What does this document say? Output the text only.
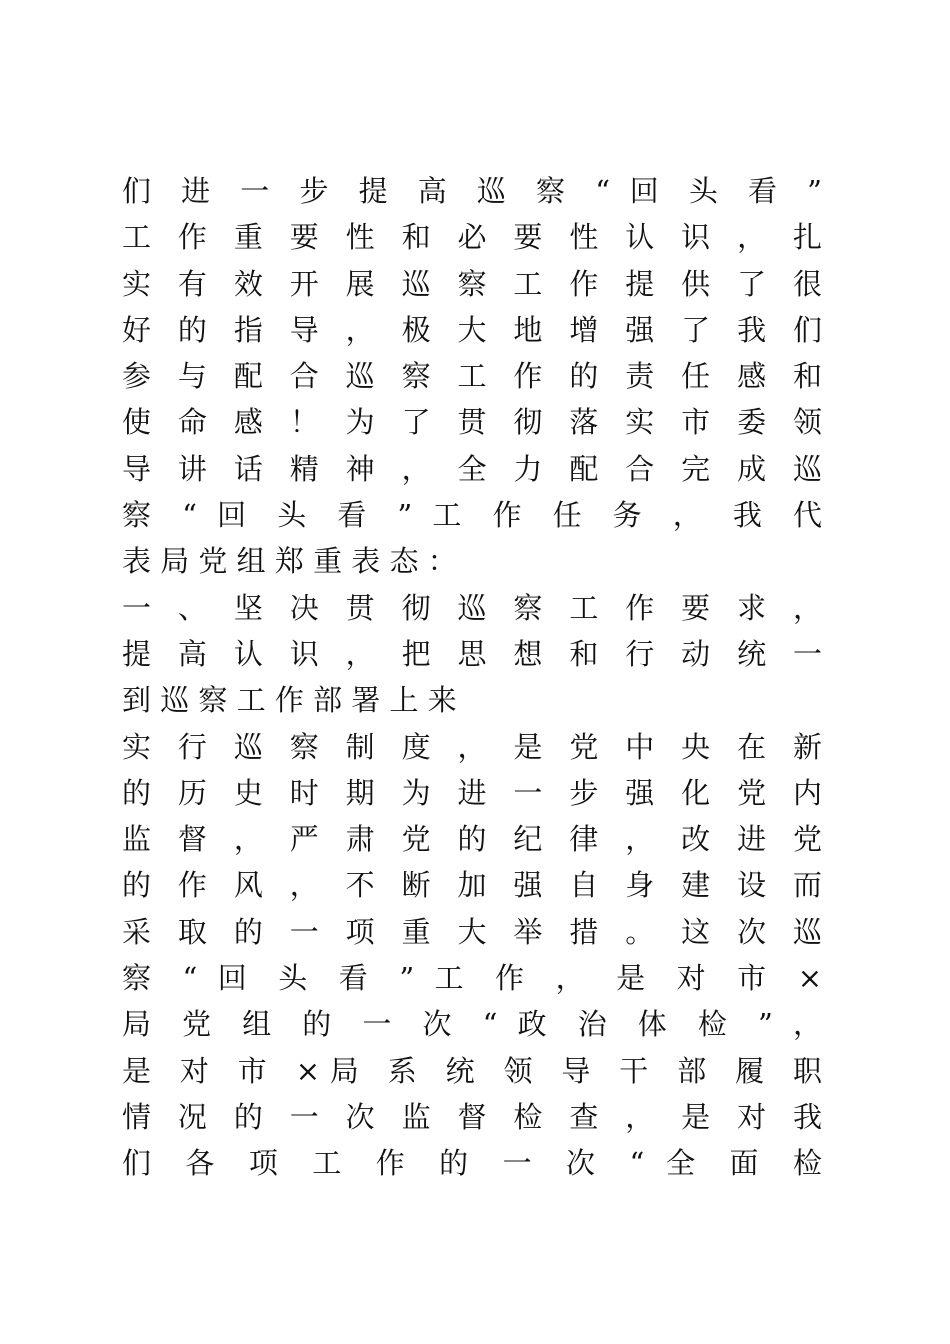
们 进 一 步 提 高 巡 察 “ 回 头 看 ”
工 作 重 要 性 和 必 要 性 认 识 ， 扎
实 有 效 开 展 巡 察 工 作 提 供 了 很
好 的 指 导 ， 极 大 地 增 强 了 我 们
参 与 配 合 巡 察 工 作 的 责 任 感 和
使 命 感 ！ 为 了 贯 彻 落 实 市 委 领
导 讲 话 精 神 ， 全 力 配 合 完 成 巡
察 “ 回 头 看 ” 工 作 任 务 ， 我 代
表 局 党 组 郑 重 表 态 ：
一 、 坚 决 贯 彻 巡 察 工 作 要 求 ，
提 高 认 识 ， 把 思 想 和 行 动 统 一
到 巡 察 工 作 部 署 上 来
实 行 巡 察 制 度 ， 是 党 中 央 在 新
的 历 史 时 期 为 进 一 步 强 化 党 内
监 督 ， 严 肃 党 的 纪 律 ， 改 进 党
的 作 风 ， 不 断 加 强 自 身 建 设 而
采 取 的 一 项 重 大 举 措 。 这 次 巡
察 “ 回 头 看 ” 工 作 ， 是 对 市 ×
局 党 组 的 一 次 “ 政 治 体 检 ” ，
是 对 市 ×局 系 统 领 导 干 部 履 职
情 况 的 一 次 监 督 检 查 ， 是 对 我
们 各 项 工 作 的 一 次 “ 全 面 检
